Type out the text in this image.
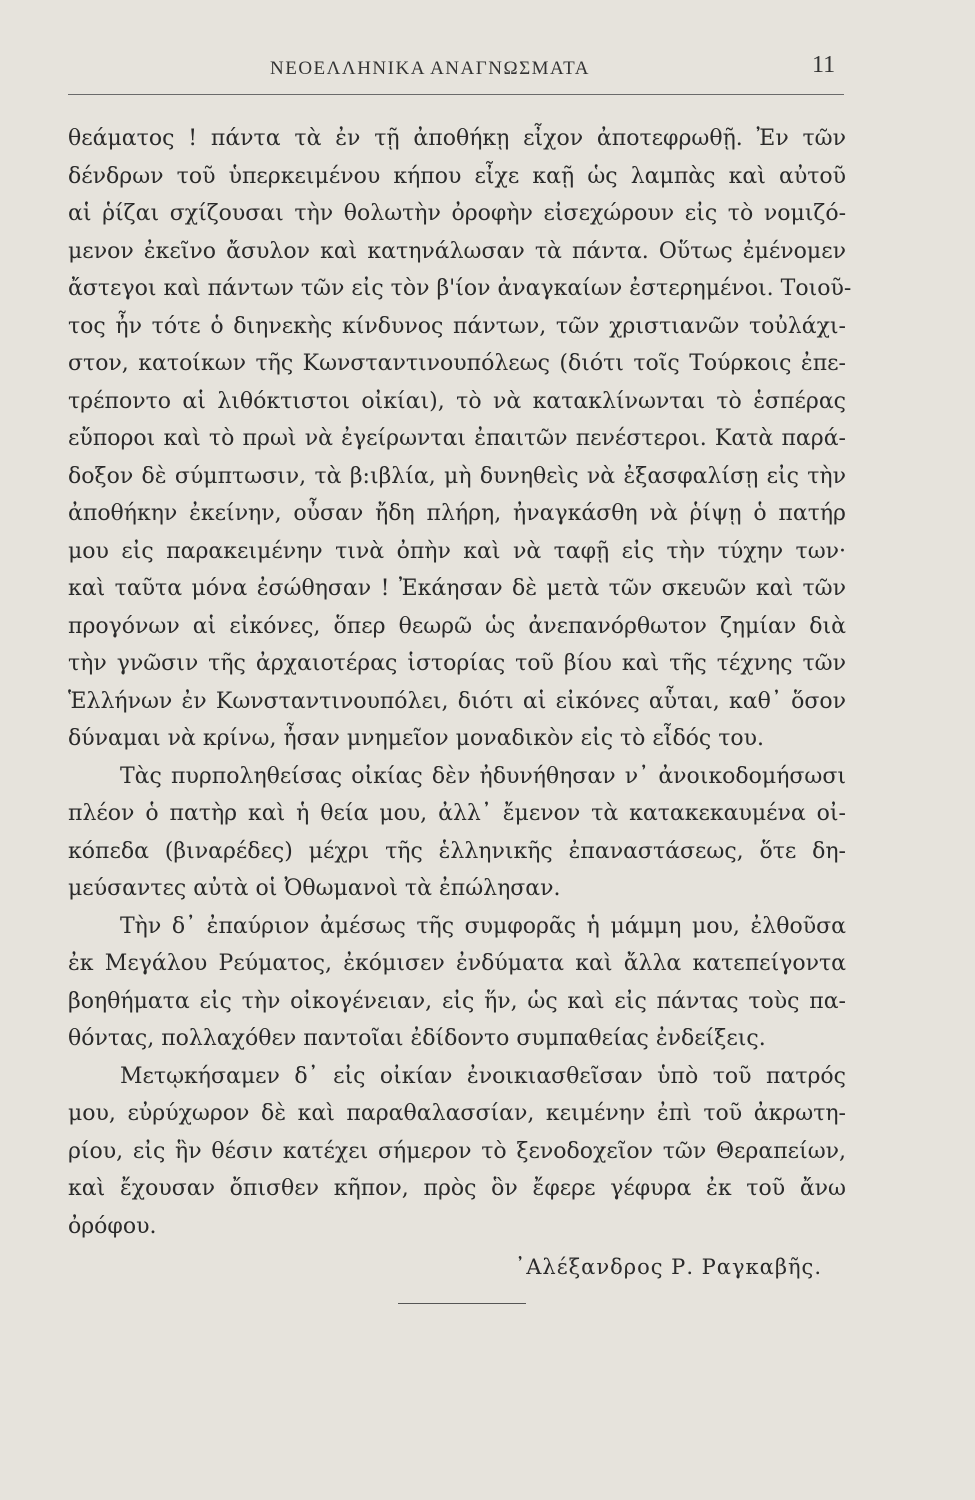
ΝΕΟΕΛΛΗΝΙΚΑ ΑΝΑΓΝΩΣΜΑΤΑ	11
θεάματος ! πάντα τὰ ἐν τῇ ἀποθήκῃ εἶχον ἀποτεφρωθῇ. Ἐν τῶν
δένδρων τοῦ ὑπερκειμένου κήπου εἶχε καῇ ὡς λαμπὰς καὶ αὐτοῦ
αἱ ῥίζαι σχίζουσαι τὴν θολωτὴν ὀροφὴν εἰσεχώρουν εἰς τὸ νομιζό-
μενον ἐκεῖνο ἄσυλον καὶ κατηνάλωσαν τὰ πάντα. Οὕτως ἐμένομεν
ἄστεγοι καὶ πάντων τῶν εἰς τὸν β'ίον ἀναγκαίων ἐστερημένοι. Τοιοῦ-
τος ἦν τότε ὁ διηνεκὴς κίνδυνος πάντων, τῶν χριστιανῶν τοὐλάχι-
στον, κατοίκων τῆς Κωνσταντινουπόλεως (διότι τοῖς Τούρκοις ἐπε-
τρέποντο αἱ λιθόκτιστοι οἰκίαι), τὸ νὰ κατακλίνωνται τὸ ἑσπέρας
εὔποροι καὶ τὸ πρωὶ νὰ ἐγείρωνται ἐπαιτῶν πενέστεροι. Κατὰ παρά-
δοξον δὲ σύμπτωσιν, τὰ β:ιβλία, μὴ δυνηθεὶς νὰ ἐξασφαλίσῃ εἰς τὴν
ἀποθήκην ἐκείνην, οὖσαν ἤδη πλήρη, ἠναγκάσθη νὰ ῥίψῃ ὁ πατήρ
μου εἰς παρακειμένην τινὰ ὀπὴν καὶ νὰ ταφῇ εἰς τὴν τύχην των·
καὶ ταῦτα μόνα ἐσώθησαν ! Ἐκάησαν δὲ μετὰ τῶν σκευῶν καὶ τῶν
προγόνων αἱ εἰκόνες, ὅπερ θεωρῶ ὡς ἀνεπανόρθωτον ζημίαν διὰ
τὴν γνῶσιν τῆς ἀρχαιοτέρας ἱστορίας τοῦ βίου καὶ τῆς τέχνης τῶν
Ἑλλήνων ἐν Κωνσταντινουπόλει, διότι αἱ εἰκόνες αὗται, καθ᾿ ὅσον
δύναμαι νὰ κρίνω, ἦσαν μνημεῖον μοναδικὸν εἰς τὸ εἶδός του.
Τὰς πυρποληθείσας οἰκίας δὲν ἠδυνήθησαν ν᾿ ἀνοικοδομήσωσι
πλέον ὁ πατὴρ καὶ ἡ θεία μου, ἀλλ᾿ ἔμενον τὰ κατακεκαυμένα οἰ-
κόπεδα (βιναρέδες) μέχρι τῆς ἑλληνικῆς ἐπαναστάσεως, ὅτε δη-
μεύσαντες αὐτὰ οἱ Ὀθωμανοὶ τὰ ἐπώλησαν.
Τὴν δ᾿ ἐπαύριον ἀμέσως τῆς συμφορᾶς ἡ μάμμη μου, ἐλθοῦσα
ἐκ Μεγάλου Ρεύματος, ἐκόμισεν ἐνδύματα καὶ ἄλλα κατεπείγοντα
βοηθήματα εἰς τὴν οἰκογένειαν, εἰς ἥν, ὡς καὶ εἰς πάντας τοὺς πα-
θόντας, πολλαχόθεν παντοῖαι ἐδίδοντο συμπαθείας ἐνδείξεις.
Μετῳκήσαμεν δ᾿ εἰς οἰκίαν ἐνοικιασθεῖσαν ὑπὸ τοῦ πατρός
μου, εὐρύχωρον δὲ καὶ παραθαλασσίαν, κειμένην ἐπὶ τοῦ ἀκρωτη-
ρίου, εἰς ἣν θέσιν κατέχει σήμερον τὸ ξενοδοχεῖον τῶν Θεραπείων,
καὶ ἔχουσαν ὄπισθεν κῆπον, πρὸς ὃν ἔφερε γέφυρα ἐκ τοῦ ἄνω
ὀρόφου.
᾿Αλέξανδρος Ρ. Ραγκαβῆς.
